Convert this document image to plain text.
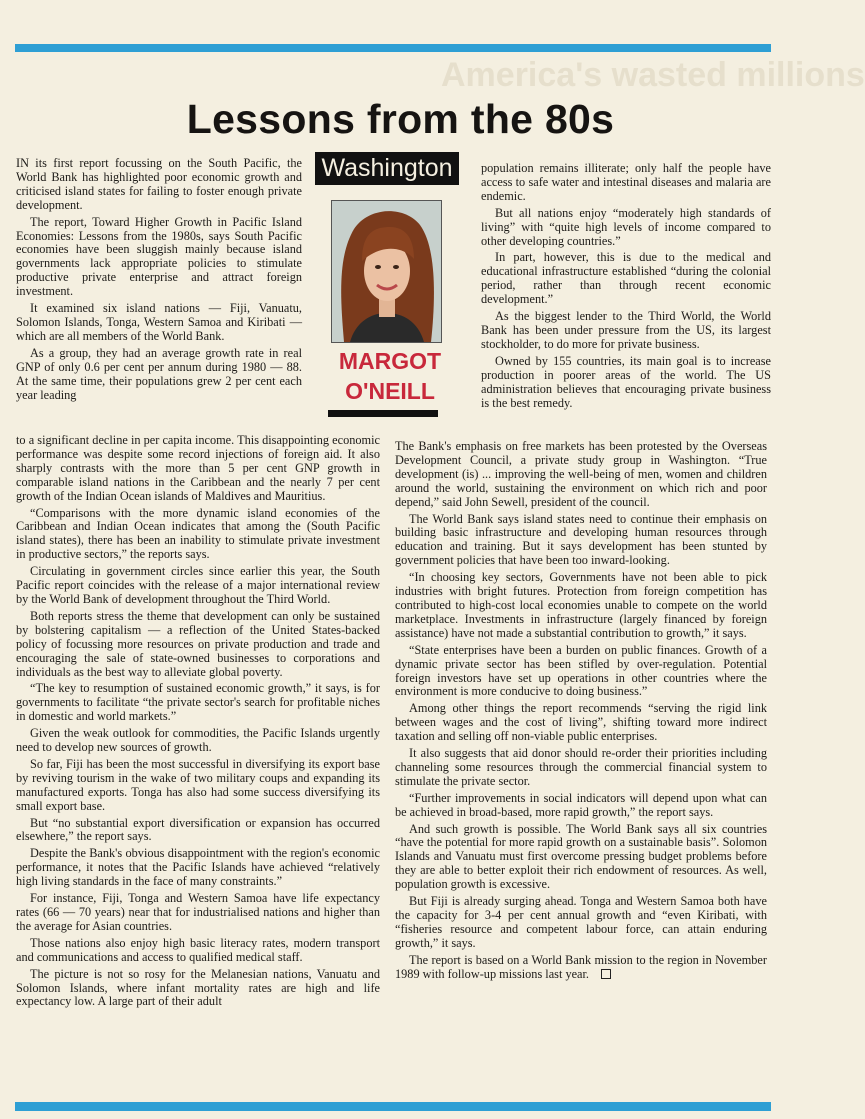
America's wasted millions
Lessons from the 80s
Washington
MARGOT
O'NEILL

IN its first report focussing on the South Pacific, the World Bank has highlighted poor economic growth and criticised island states for failing to foster enough private development.

The report, Toward Higher Growth in Pacific Island Economies: Lessons from the 1980s, says South Pacific economies have been sluggish mainly because island governments lack appropriate policies to stimulate productive private enterprise and attract foreign investment.

It examined six island nations — Fiji, Vanuatu, Solomon Islands, Tonga, Western Samoa and Kiribati — which are all members of the World Bank.

As a group, they had an average growth rate in real GNP of only 0.6 per cent per annum during 1980 — 88. At the same time, their populations grew 2 per cent each year leading

to a significant decline in per capita income. This disappointing economic performance was despite some record injections of foreign aid. It also sharply contrasts with the more than 5 per cent GNP growth in comparable island nations in the Caribbean and the nearly 7 per cent growth of the Indian Ocean islands of Maldives and Mauritius.

“Comparisons with the more dynamic island economies of the Caribbean and Indian Ocean indicates that among the (South Pacific island states), there has been an inability to stimulate private investment in productive sectors,” the reports says.

Circulating in government circles since earlier this year, the South Pacific report coincides with the release of a major international review by the World Bank of development throughout the Third World.

Both reports stress the theme that development can only be sustained by bolstering capitalism — a reflection of the United States-backed policy of focussing more resources on private production and trade and encouraging the sale of state-owned businesses to corporations and individuals as the best way to alleviate global poverty.

“The key to resumption of sustained economic growth,” it says, is for governments to facilitate “the private sector's search for profitable niches in domestic and world markets.”

Given the weak outlook for commodities, the Pacific Islands urgently need to develop new sources of growth.

So far, Fiji has been the most successful in diversifying its export base by reviving tourism in the wake of two military coups and expanding its manufactured exports. Tonga has also had some success diversifying its small export base.

But “no substantial export diversification or expansion has occurred elsewhere,” the report says.

Despite the Bank's obvious disappointment with the region's economic performance, it notes that the Pacific Islands have achieved “relatively high living standards in the face of many constraints.”

For instance, Fiji, Tonga and Western Samoa have life expectancy rates (66 — 70 years) near that for industrialised nations and higher than the average for Asian countries.

Those nations also enjoy high basic literacy rates, modern transport and communications and access to qualified medical staff.

The picture is not so rosy for the Melanesian nations, Vanuatu and Solomon Islands, where infant mortality rates are high and life expectancy low. A large part of their adult

population remains illiterate; only half the people have access to safe water and intestinal diseases and malaria are endemic.

But all nations enjoy “moderately high standards of living” with “quite high levels of income compared to other developing countries.”

In part, however, this is due to the medical and educational infrastructure established “during the colonial period, rather than through recent economic development.”

As the biggest lender to the Third World, the World Bank has been under pressure from the US, its largest stockholder, to do more for private business.

Owned by 155 countries, its main goal is to increase production in poorer areas of the world. The US administration believes that encouraging private business is the best remedy.

The Bank's emphasis on free markets has been protested by the Overseas Development Council, a private study group in Washington. “True development (is) ... improving the well-being of men, women and children around the world, sustaining the environment on which rich and poor depend,” said John Sewell, president of the council.

The World Bank says island states need to continue their emphasis on building basic infrastructure and developing human resources through education and training. But it says development has been stunted by government policies that have been too inward-looking.

“In choosing key sectors, Governments have not been able to pick industries with bright futures. Protection from foreign competition has contributed to high-cost local economies unable to compete on the world marketplace. Investments in infrastructure (largely financed by foreign assistance) have not made a substantial contribution to growth,” it says.

“State enterprises have been a burden on public finances. Growth of a dynamic private sector has been stifled by over-regulation. Potential foreign investors have set up operations in other countries where the environment is more conducive to doing business.”

Among other things the report recommends “serving the rigid link between wages and the cost of living”, shifting toward more indirect taxation and selling off non-viable public enterprises.

It also suggests that aid donor should re-order their priorities including channeling some resources through the commercial financial system to stimulate the private sector.

“Further improvements in social indicators will depend upon what can be achieved in broad-based, more rapid growth,” the report says.

And such growth is possible. The World Bank says all six countries “have the potential for more rapid growth on a sustainable basis”. Solomon Islands and Vanuatu must first overcome pressing budget problems before they are able to better exploit their rich endowment of resources. As well, population growth is excessive.

But Fiji is already surging ahead. Tonga and Western Samoa both have the capacity for 3-4 per cent annual growth and “even Kiribati, with “fisheries resource and competent labour force, can attain enduring growth,” it says.

The report is based on a World Bank mission to the region in November 1989 with follow-up missions last year.
